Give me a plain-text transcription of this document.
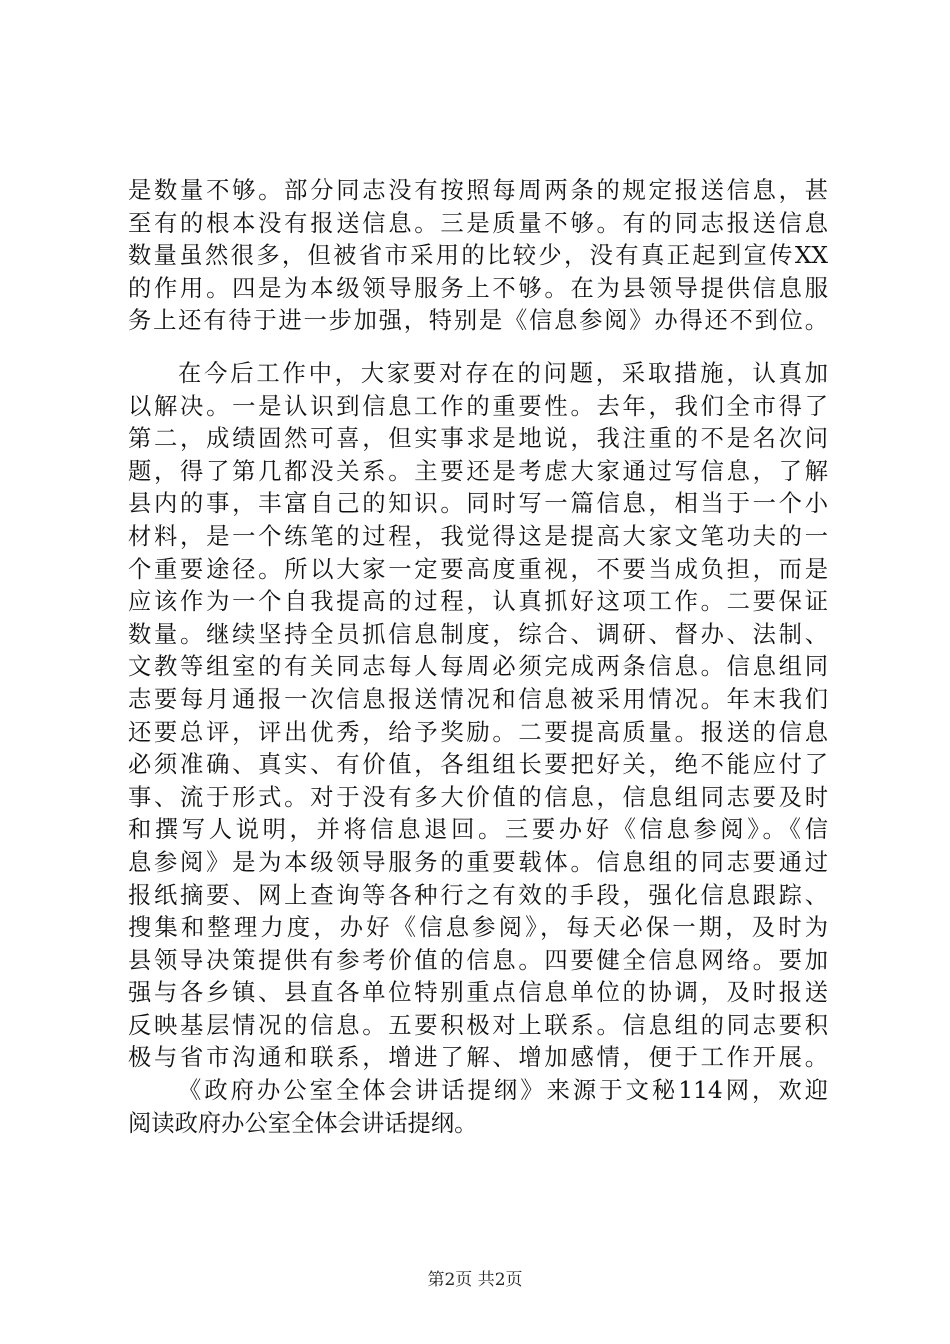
是数量不够。部分同志没有按照每周两条的规定报送信息，甚
至有的根本没有报送信息。三是质量不够。有的同志报送信息
数量虽然很多，但被省市采用的比较少，没有真正起到宣传XX
的作用。四是为本级领导服务上不够。在为县领导提供信息服
务上还有待于进一步加强，特别是《信息参阅》办得还不到位。
在今后工作中，大家要对存在的问题，采取措施，认真加
以解决。一是认识到信息工作的重要性。去年，我们全市得了
第二，成绩固然可喜，但实事求是地说，我注重的不是名次问
题，得了第几都没关系。主要还是考虑大家通过写信息，了解
县内的事，丰富自己的知识。同时写一篇信息，相当于一个小
材料，是一个练笔的过程，我觉得这是提高大家文笔功夫的一
个重要途径。所以大家一定要高度重视，不要当成负担，而是
应该作为一个自我提高的过程，认真抓好这项工作。二要保证
数量。继续坚持全员抓信息制度，综合、调研、督办、法制、
文教等组室的有关同志每人每周必须完成两条信息。信息组同
志要每月通报一次信息报送情况和信息被采用情况。年末我们
还要总评，评出优秀，给予奖励。二要提高质量。报送的信息
必须准确、真实、有价值，各组组长要把好关，绝不能应付了
事、流于形式。对于没有多大价值的信息，信息组同志要及时
和撰写人说明，并将信息退回。三要办好《信息参阅》。《信
息参阅》是为本级领导服务的重要载体。信息组的同志要通过
报纸摘要、网上查询等各种行之有效的手段，强化信息跟踪、
搜集和整理力度，办好《信息参阅》，每天必保一期，及时为
县领导决策提供有参考价值的信息。四要健全信息网络。要加
强与各乡镇、县直各单位特别重点信息单位的协调，及时报送
反映基层情况的信息。五要积极对上联系。信息组的同志要积
极与省市沟通和联系，增进了解、增加感情，便于工作开展。
《政府办公室全体会讲话提纲》来源于文秘114网，欢迎
阅读政府办公室全体会讲话提纲。
第2页 共2页
